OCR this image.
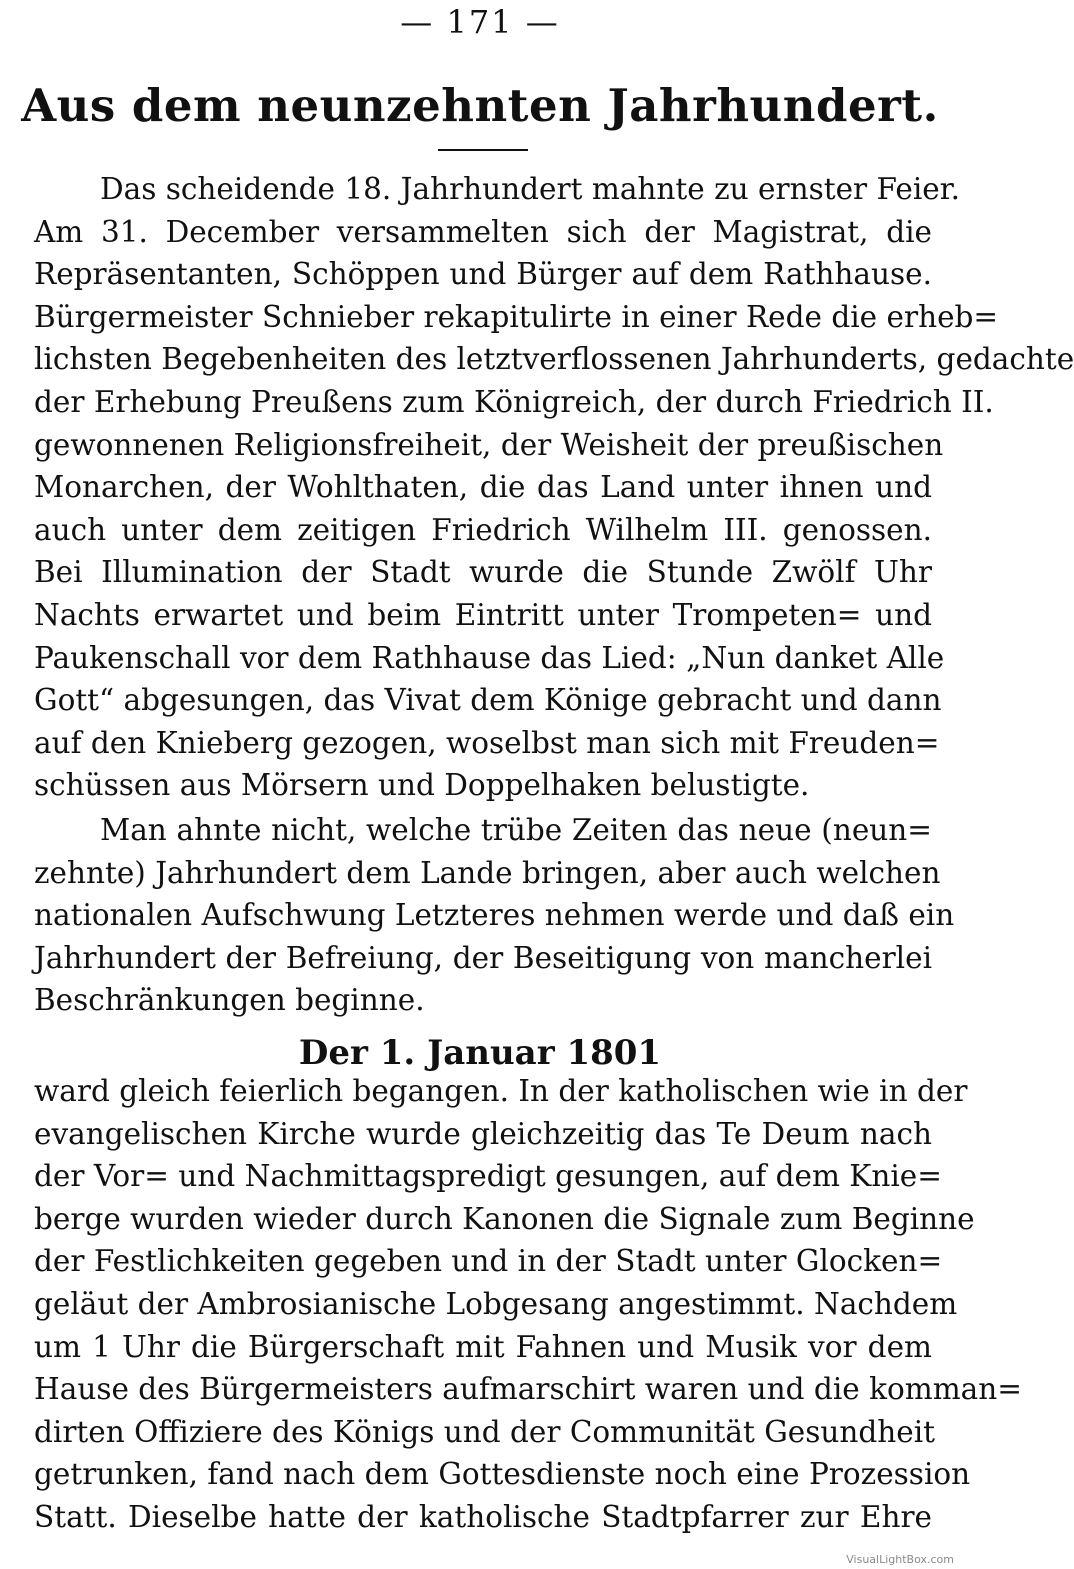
— 171 —
Aus dem neunzehnten Jahrhundert.
Das scheidende 18. Jahrhundert mahnte zu ernster Feier.
Am 31. December versammelten sich der Magistrat, die
Repräsentanten, Schöppen und Bürger auf dem Rathhause.
Bürgermeister Schnieber rekapitulirte in einer Rede die erheb=
lichsten Begebenheiten des letztverflossenen Jahrhunderts, gedachte
der Erhebung Preußens zum Königreich, der durch Friedrich II.
gewonnenen Religionsfreiheit, der Weisheit der preußischen
Monarchen, der Wohlthaten, die das Land unter ihnen und
auch unter dem zeitigen Friedrich Wilhelm III. genossen.
Bei Illumination der Stadt wurde die Stunde Zwölf Uhr
Nachts erwartet und beim Eintritt unter Trompeten= und
Paukenschall vor dem Rathhause das Lied: „Nun danket Alle
Gott“ abgesungen, das Vivat dem Könige gebracht und dann
auf den Knieberg gezogen, woselbst man sich mit Freuden=
schüssen aus Mörsern und Doppelhaken belustigte.
Man ahnte nicht, welche trübe Zeiten das neue (neun=
zehnte) Jahrhundert dem Lande bringen, aber auch welchen
nationalen Aufschwung Letzteres nehmen werde und daß ein
Jahrhundert der Befreiung, der Beseitigung von mancherlei
Beschränkungen beginne.
Der 1. Januar 1801
ward gleich feierlich begangen. In der katholischen wie in der
evangelischen Kirche wurde gleichzeitig das Te Deum nach
der Vor= und Nachmittagspredigt gesungen, auf dem Knie=
berge wurden wieder durch Kanonen die Signale zum Beginne
der Festlichkeiten gegeben und in der Stadt unter Glocken=
geläut der Ambrosianische Lobgesang angestimmt. Nachdem
um 1 Uhr die Bürgerschaft mit Fahnen und Musik vor dem
Hause des Bürgermeisters aufmarschirt waren und die komman=
dirten Offiziere des Königs und der Communität Gesundheit
getrunken, fand nach dem Gottesdienste noch eine Prozession
Statt. Dieselbe hatte der katholische Stadtpfarrer zur Ehre
VisualLightBox.com
